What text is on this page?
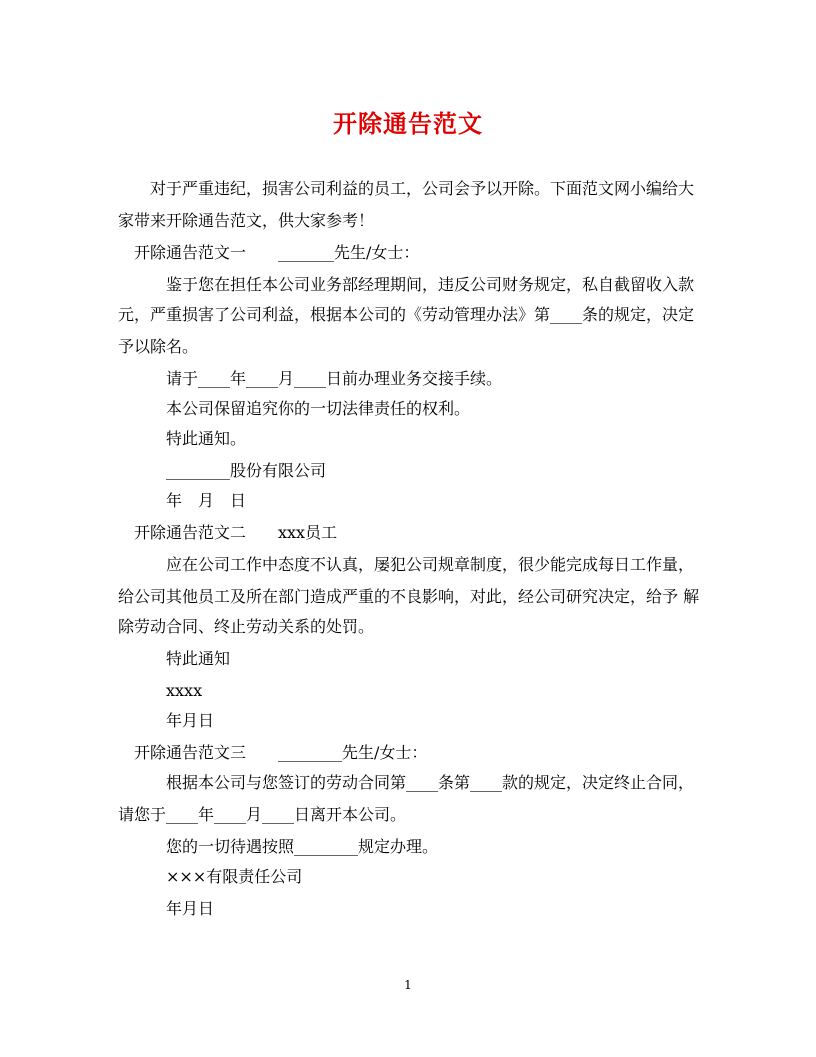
开除通告范文
对于严重违纪，损害公司利益的员工，公司会予以开除。下面范文网小编给大
家带来开除通告范文，供大家参考！
开除通告范文一　　_______先生/女士：
鉴于您在担任本公司业务部经理期间，违反公司财务规定，私自截留收入款
元，严重损害了公司利益，根据本公司的《劳动管理办法》第____条的规定，决定
予以除名。
请于____年____月____日前办理业务交接手续。
本公司保留追究你的一切法律责任的权利。
特此通知。
________股份有限公司
年　月　日
开除通告范文二　　xxx员工
应在公司工作中态度不认真，屡犯公司规章制度，很少能完成每日工作量，
给公司其他员工及所在部门造成严重的不良影响，对此，经公司研究决定，给予 解
除劳动合同、终止劳动关系的处罚。
特此通知
xxxx
年月日
开除通告范文三　　________先生/女士：
根据本公司与您签订的劳动合同第____条第____款的规定，决定终止合同，
请您于____年____月____日离开本公司。
您的一切待遇按照________规定办理。
×××有限责任公司
年月日
1
